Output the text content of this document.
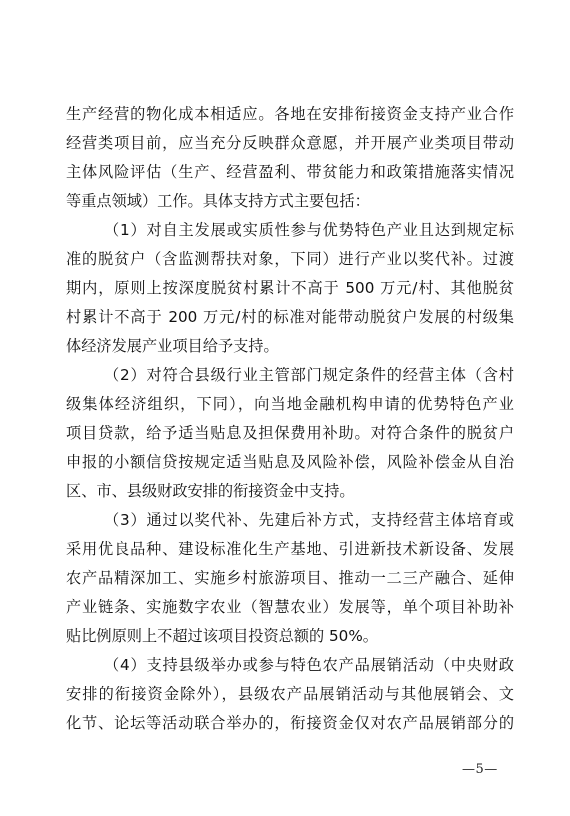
生产经营的物化成本相适应。各地在安排衔接资金支持产业合作
经营类项目前，应当充分反映群众意愿，并开展产业类项目带动
主体风险评估（生产、经营盈利、带贫能力和政策措施落实情况
等重点领域）工作。具体支持方式主要包括：
（1）对自主发展或实质性参与优势特色产业且达到规定标
准的脱贫户（含监测帮扶对象，下同）进行产业以奖代补。过渡
期内，原则上按深度脱贫村累计不高于 500 万元/村、其他脱贫
村累计不高于 200 万元/村的标准对能带动脱贫户发展的村级集
体经济发展产业项目给予支持。
（2）对符合县级行业主管部门规定条件的经营主体（含村
级集体经济组织，下同），向当地金融机构申请的优势特色产业
项目贷款，给予适当贴息及担保费用补助。对符合条件的脱贫户
申报的小额信贷按规定适当贴息及风险补偿，风险补偿金从自治
区、市、县级财政安排的衔接资金中支持。
（3）通过以奖代补、先建后补方式，支持经营主体培育或
采用优良品种、建设标准化生产基地、引进新技术新设备、发展
农产品精深加工、实施乡村旅游项目、推动一二三产融合、延伸
产业链条、实施数字农业（智慧农业）发展等，单个项目补助补
贴比例原则上不超过该项目投资总额的 50%。
（4）支持县级举办或参与特色农产品展销活动（中央财政
安排的衔接资金除外），县级农产品展销活动与其他展销会、文
化节、论坛等活动联合举办的，衔接资金仅对农产品展销部分的
—5—
